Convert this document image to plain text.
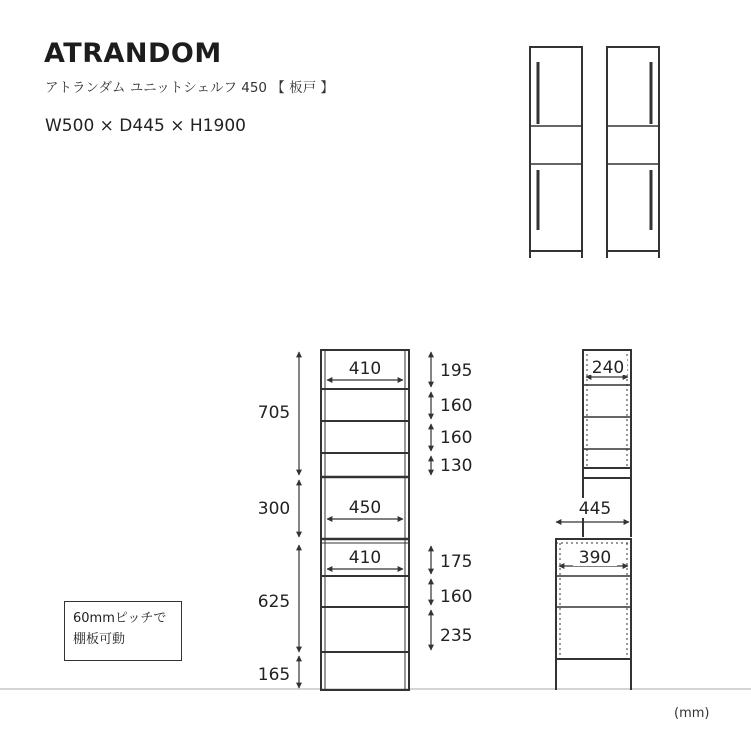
ATRANDOM
アトランダム ユニットシェルフ 450 【 板戸 】
W500 × D445 × H1900
410
450
410
705
300
625
165
195
160
160
130
175
160
235
240
445
390
60mmピッチで
棚板可動
(mm)
